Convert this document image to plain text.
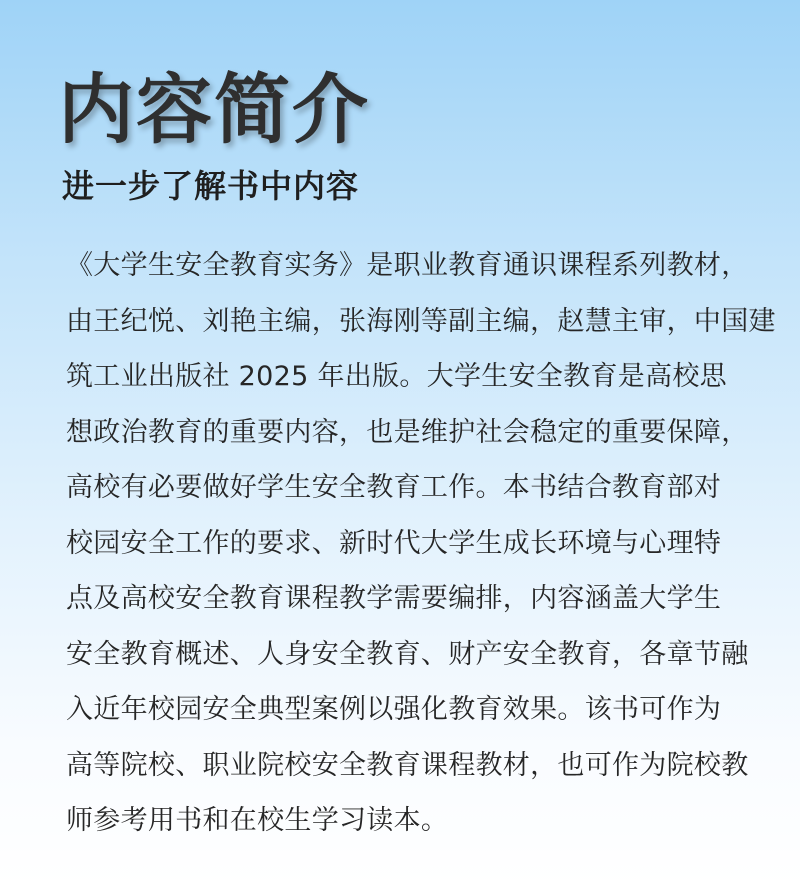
内容简介
进一步了解书中内容
《大学生安全教育实务》是职业教育通识课程系列教材，
由王纪悦、刘艳主编，张海刚等副主编，赵慧主审，中国建
筑工业出版社 2025 年出版。大学生安全教育是高校思
想政治教育的重要内容，也是维护社会稳定的重要保障，
高校有必要做好学生安全教育工作。本书结合教育部对
校园安全工作的要求、新时代大学生成长环境与心理特
点及高校安全教育课程教学需要编排，内容涵盖大学生
安全教育概述、人身安全教育、财产安全教育，各章节融
入近年校园安全典型案例以强化教育效果。该书可作为
高等院校、职业院校安全教育课程教材，也可作为院校教
师参考用书和在校生学习读本。
